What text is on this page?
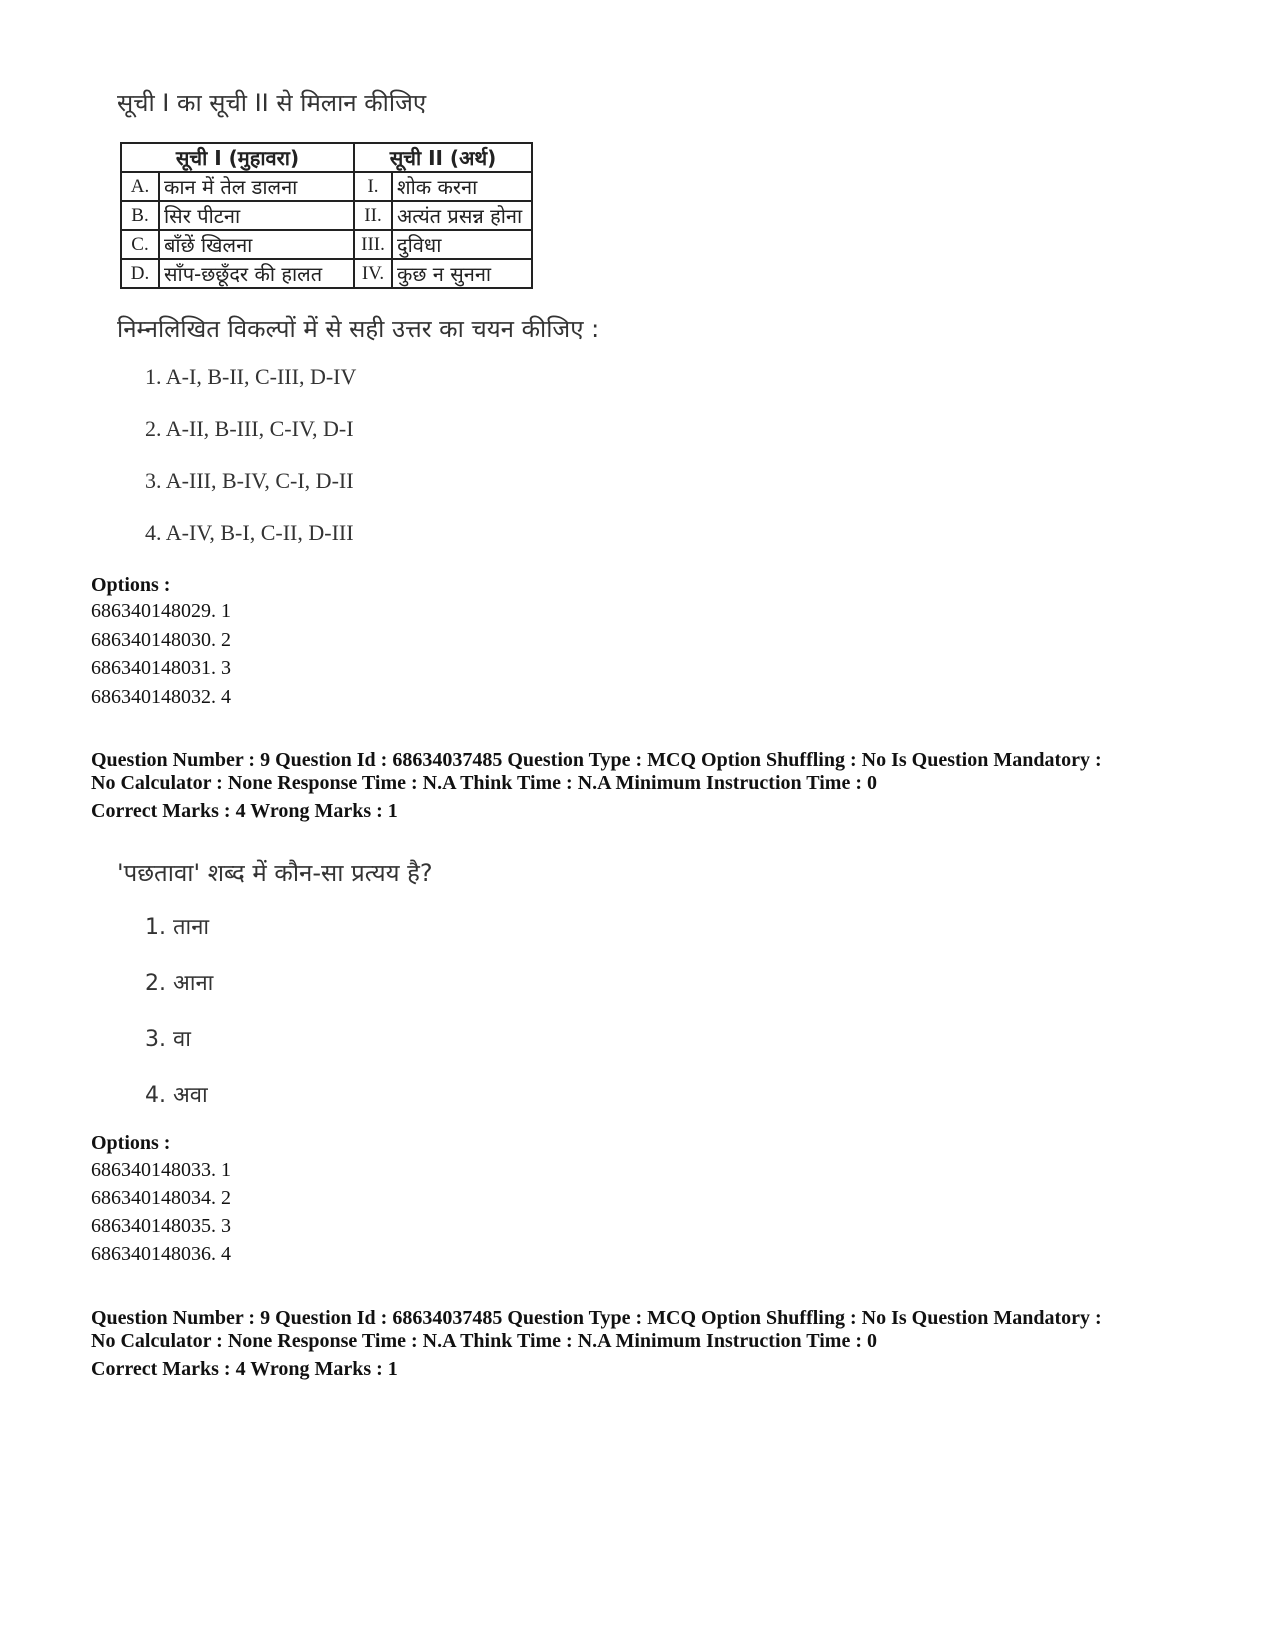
सूची I का सूची II से मिलान कीजिए
सूची I (मुहावरा)		सूची II (अर्थ)	
A.	कान में तेल डालना	I.	शोक करना
B.	सिर पीटना	II.	अत्यंत प्रसन्न होना
C.	बाँछें खिलना	III.	दुविधा
D.	साँप-छछूँदर की हालत	IV.	कुछ न सुनना
निम्नलिखित विकल्पों में से सही उत्तर का चयन कीजिए :
1. A-I, B-II, C-III, D-IV
2. A-II, B-III, C-IV, D-I
3. A-III, B-IV, C-I, D-II
4. A-IV, B-I, C-II, D-III
Options :
686340148029. 1
686340148030. 2
686340148031. 3
686340148032. 4
Question Number : 9 Question Id : 68634037485 Question Type : MCQ Option Shuffling : No Is Question Mandatory :
No Calculator : None Response Time : N.A Think Time : N.A Minimum Instruction Time : 0
Correct Marks : 4 Wrong Marks : 1
'पछतावा' शब्द में कौन-सा प्रत्यय है?
1. ताना
2. आना
3. वा
4. अवा
Options :
686340148033. 1
686340148034. 2
686340148035. 3
686340148036. 4
Question Number : 9 Question Id : 68634037485 Question Type : MCQ Option Shuffling : No Is Question Mandatory :
No Calculator : None Response Time : N.A Think Time : N.A Minimum Instruction Time : 0
Correct Marks : 4 Wrong Marks : 1
